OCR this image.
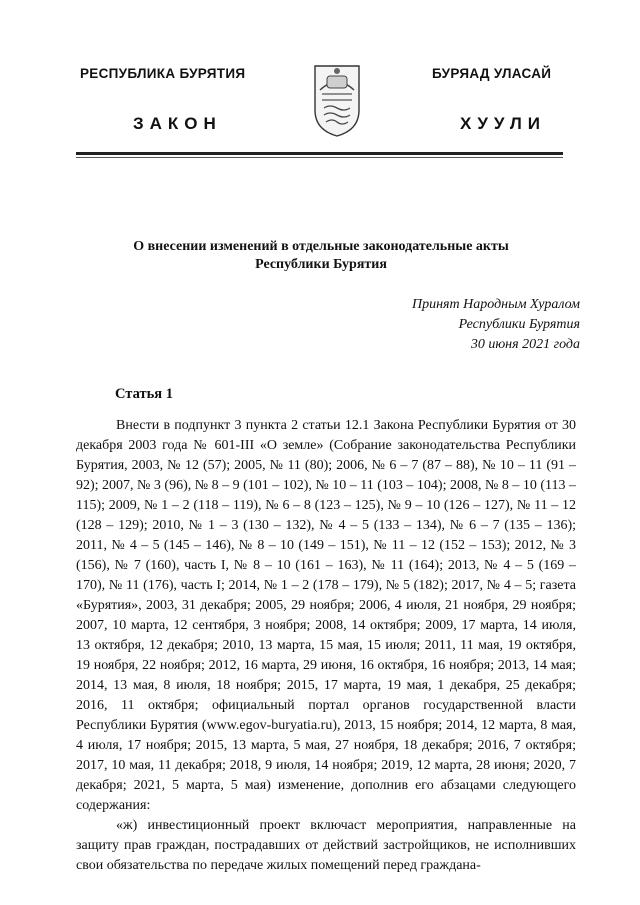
РЕСПУБЛИКА БУРЯТИЯ	БУРЯАД УЛАСАЙ
ЗАКОН	ХУУЛИ
О внесении изменений в отдельные законодательные акты
Республики Бурятия
Принят Народным Хуралом
Республики Бурятия
30 июня 2021 года
Статья 1

Внести в подпункт 3 пункта 2 статьи 12.1 Закона Республики Бурятия от 30 декабря 2003 года № 601-III «О земле» (Собрание законодательства Республики Бурятия, 2003, № 12 (57); 2005, № 11 (80); 2006, № 6 – 7 (87 – 88), № 10 – 11 (91 – 92); 2007, № 3 (96), № 8 – 9 (101 – 102), № 10 – 11 (103 – 104); 2008, № 8 – 10 (113 – 115); 2009, № 1 – 2 (118 – 119), № 6 – 8 (123 – 125), № 9 – 10 (126 – 127), № 11 – 12 (128 – 129); 2010, № 1 – 3 (130 – 132), № 4 – 5 (133 – 134), № 6 – 7 (135 – 136); 2011, № 4 – 5 (145 – 146), № 8 – 10 (149 – 151), № 11 – 12 (152 – 153); 2012, № 3 (156), № 7 (160), часть I, № 8 – 10 (161 – 163), № 11 (164); 2013, № 4 – 5 (169 – 170), № 11 (176), часть I; 2014, № 1 – 2 (178 – 179), № 5 (182); 2017, № 4 – 5; газета «Бурятия», 2003, 31 декабря; 2005, 29 ноября; 2006, 4 июля, 21 ноября, 29 ноября; 2007, 10 марта, 12 сентября, 3 ноября; 2008, 14 октября; 2009, 17 марта, 14 июля, 13 октября, 12 декабря; 2010, 13 марта, 15 мая, 15 июля; 2011, 11 мая, 19 октября, 19 ноября, 22 ноября; 2012, 16 марта, 29 июня, 16 октября, 16 ноября; 2013, 14 мая; 2014, 13 мая, 8 июля, 18 ноября; 2015, 17 марта, 19 мая, 1 декабря, 25 декабря; 2016, 11 октября; официальный портал органов государственной власти Республики Бурятия (www.egov-buryatia.ru), 2013, 15 ноября; 2014, 12 марта, 8 мая, 4 июля, 17 ноября; 2015, 13 марта, 5 мая, 27 ноября, 18 декабря; 2016, 7 октября; 2017, 10 мая, 11 декабря; 2018, 9 июля, 14 ноября; 2019, 12 марта, 28 июня; 2020, 7 декабря; 2021, 5 марта, 5 мая) изменение, дополнив его абзацами следующего содержания:

«ж) инвестиционный проект включаст мероприятия, направленные на защиту прав граждан, пострадавших от действий застройщиков, не исполнивших свои обязательства по передаче жилых помещений перед граждана-
